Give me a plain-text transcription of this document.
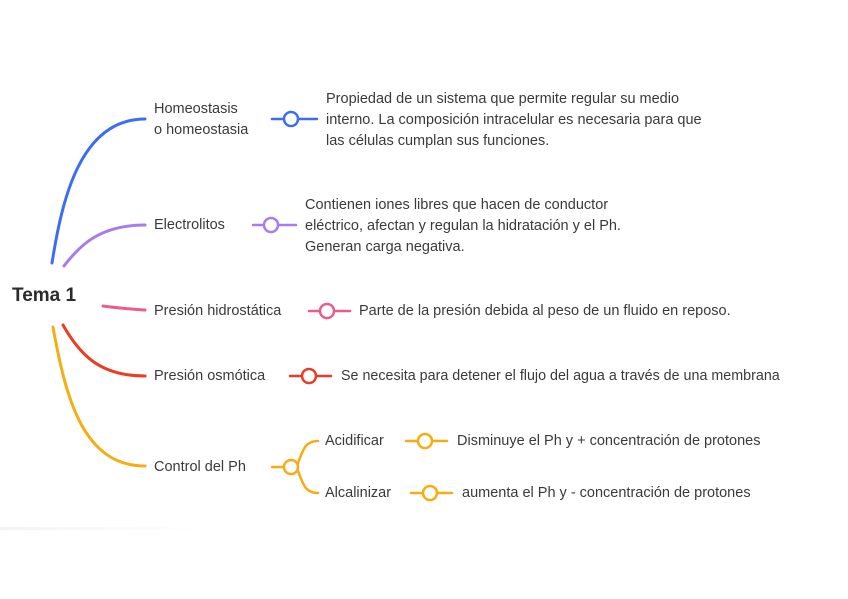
Tema 1
Homeostasis
o homeostasia
Propiedad de un sistema que permite regular su medio
interno. La composición intracelular es necesaria para que
las células cumplan sus funciones.
Electrolitos
Contienen iones libres que hacen de conductor
eléctrico, afectan y regulan la hidratación y el Ph.
Generan carga negativa.
Presión hidrostática	Parte de la presión debida al peso de un fluido en reposo.
Presión osmótica	Se necesita para detener el flujo del agua a través de una membrana
Control del Ph
Acidificar	Disminuye el Ph y + concentración de protones
Alcalinizar	aumenta el Ph y - concentración de protones
